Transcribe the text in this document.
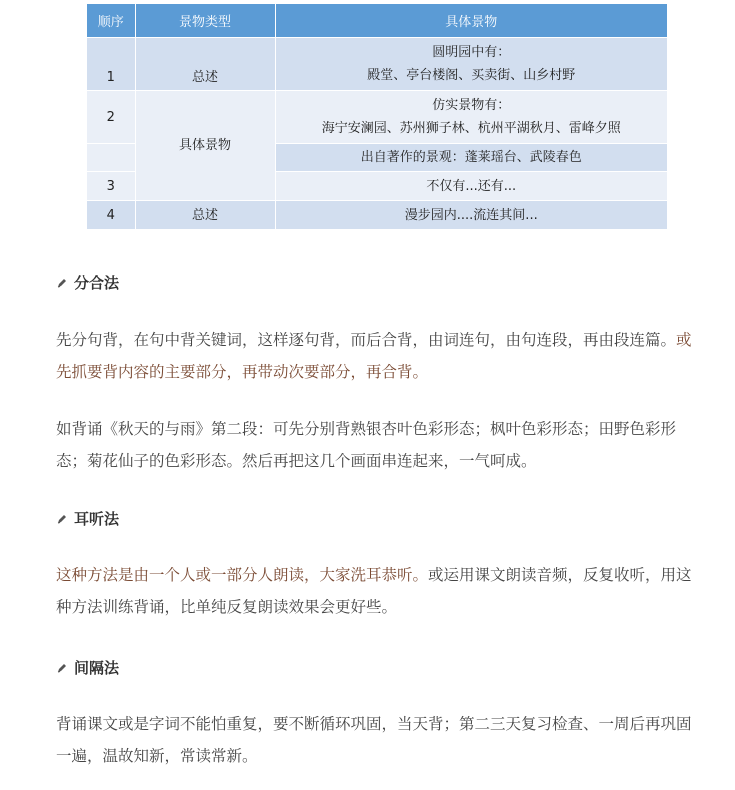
顺序	景物类型	具体景物
1	总述	圆明园中有：
殿堂、亭台楼阁、买卖街、山乡村野

2	具体景物	仿实景物有：
海宁安澜园、苏州狮子林、杭州平湖秋月、雷峰夕照

		出自著作的景观：蓬莱瑶台、武陵春色
3		不仅有...还有...
4	总述	漫步园内....流连其间...
分合法

先分句背，在句中背关键词，这样逐句背，而后合背，由词连句，由句连段，再由段连篇。或先抓要背内容的主要部分，再带动次要部分，再合背。

如背诵《秋天的与雨》第二段：可先分别背熟银杏叶色彩形态；枫叶色彩形态；田野色彩形态；菊花仙子的色彩形态。然后再把这几个画面串连起来，一气呵成。

耳听法

这种方法是由一个人或一部分人朗读，大家洗耳恭听。或运用课文朗读音频，反复收听，用这种方法训练背诵，比单纯反复朗读效果会更好些。

间隔法

背诵课文或是字词不能怕重复，要不断循环巩固，当天背；第二三天复习检查、一周后再巩固一遍，温故知新，常读常新。
